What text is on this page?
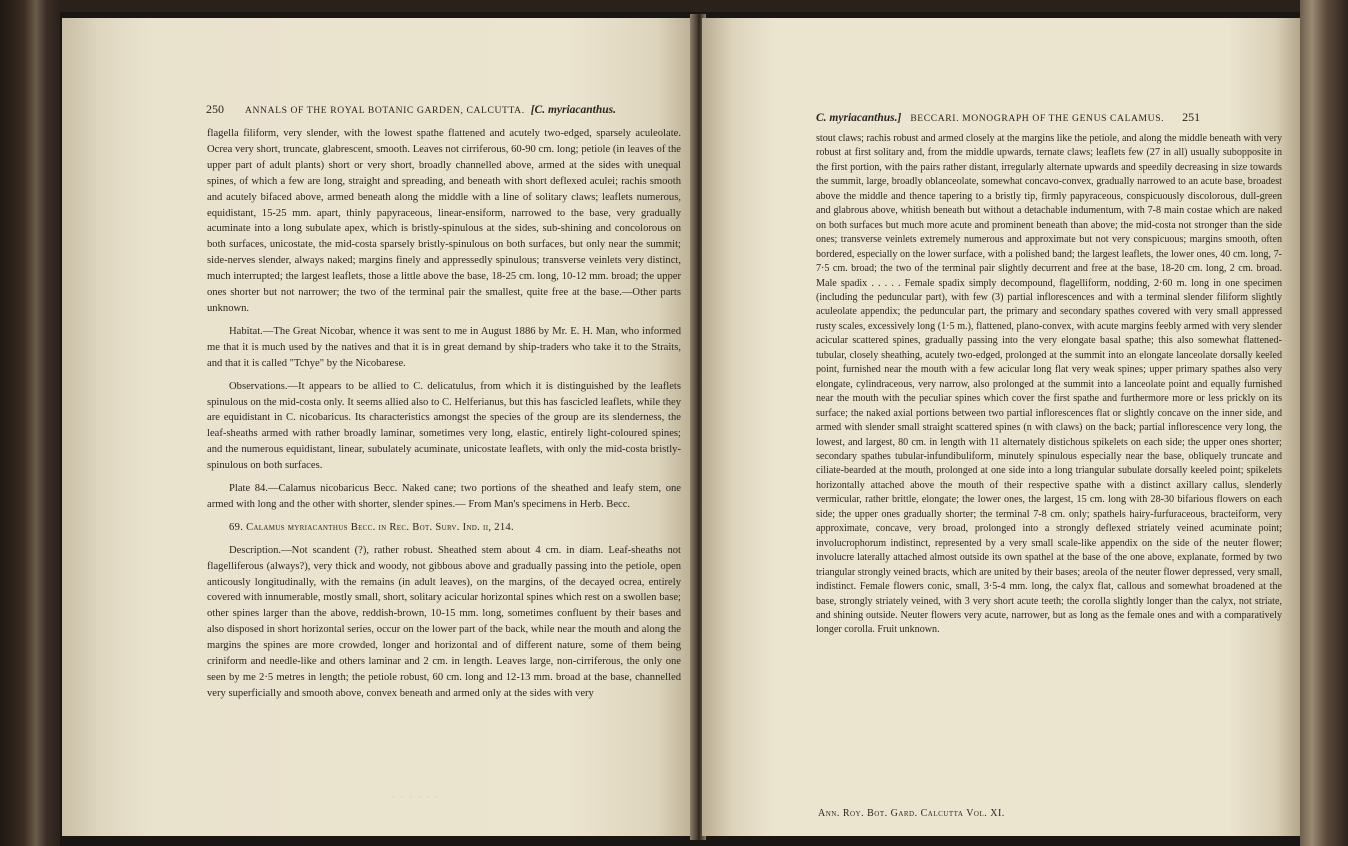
250 ANNALS OF THE ROYAL BOTANIC GARDEN, CALCUTTA. [C. myriacanthus.

flagella filiform, very slender, with the lowest spathe flattened and acutely two-edged, sparsely aculeolate. Ocrea very short, truncate, glabrescent, smooth. Leaves not cirriferous, 60-90 cm. long; petiole (in leaves of the upper part of adult plants) short or very short, broadly channelled above, armed at the sides with unequal spines, of which a few are long, straight and spreading, and beneath with short deflexed aculei; rachis smooth and acutely bifaced above, armed beneath along the middle with a line of solitary claws; leaflets numerous, equidistant, 15-25 mm. apart, thinly papyraceous, linear-ensiform, narrowed to the base, very gradually acuminate into a long subulate apex, which is bristly-spinulous at the sides, sub-shining and concolorous on both surfaces, unicostate, the mid-costa sparsely bristly-spinulous on both surfaces, but only near the summit; side-nerves slender, always naked; margins finely and appressedly spinulous; transverse veinlets very distinct, much interrupted; the largest leaflets, those a little above the base, 18-25 cm. long, 10-12 mm. broad; the upper ones shorter but not narrower; the two of the terminal pair the smallest, quite free at the base.—Other parts unknown.

Habitat.—The Great Nicobar, whence it was sent to me in August 1886 by Mr. E. H. Man, who informed me that it is much used by the natives and that it is in great demand by ship-traders who take it to the Straits, and that it is called "Tchye" by the Nicobarese.

Observations.—It appears to be allied to C. delicatulus, from which it is distinguished by the leaflets spinulous on the mid-costa only. It seems allied also to C. Helferianus, but this has fascicled leaflets, while they are equidistant in C. nicobaricus. Its characteristics amongst the species of the group are its slenderness, the leaf-sheaths armed with rather broadly laminar, sometimes very long, elastic, entirely light-coloured spines; and the numerous equidistant, linear, subulately acuminate, unicostate leaflets, with only the mid-costa bristly-spinulous on both surfaces.

Plate 84.—Calamus nicobaricus Becc. Naked cane; two portions of the sheathed and leafy stem, one armed with long and the other with shorter, slender spines.— From Man's specimens in Herb. Becc.

69. Calamus myriacanthus Becc. in Rec. Bot. Surv. Ind. ii, 214.

Description.—Not scandent (?), rather robust. Sheathed stem about 4 cm. in diam. Leaf-sheaths not flagelliferous (always?), very thick and woody, not gibbous above and gradually passing into the petiole, open anticously longitudinally, with the remains (in adult leaves), on the margins, of the decayed ocrea, entirely covered with innumerable, mostly small, short, solitary acicular horizontal spines which rest on a swollen base; other spines larger than the above, reddish-brown, 10-15 mm. long, sometimes confluent by their bases and also disposed in short horizontal series, occur on the lower part of the back, while near the mouth and along the margins the spines are more crowded, longer and horizontal and of different nature, some of them being criniform and needle-like and others laminar and 2 cm. in length. Leaves large, non-cirriferous, the only one seen by me 2·5 metres in length; the petiole robust, 60 cm. long and 12-13 mm. broad at the base, channelled very superficially and smooth above, convex beneath and armed only at the sides with very

· · · · · ·
C. myriacanthus.] BECCARI. MONOGRAPH OF THE GENUS CALAMUS. 251

stout claws; rachis robust and armed closely at the margins like the petiole, and along the middle beneath with very robust at first solitary and, from the middle upwards, ternate claws; leaflets few (27 in all) usually subopposite in the first portion, with the pairs rather distant, irregularly alternate upwards and speedily decreasing in size towards the summit, large, broadly oblanceolate, somewhat concavo-convex, gradually narrowed to an acute base, broadest above the middle and thence tapering to a bristly tip, firmly papyraceous, conspicuously discolorous, dull-green and glabrous above, whitish beneath but without a detachable indumentum, with 7-8 main costae which are naked on both surfaces but much more acute and prominent beneath than above; the mid-costa not stronger than the side ones; transverse veinlets extremely numerous and approximate but not very conspicuous; margins smooth, often bordered, especially on the lower surface, with a polished band; the largest leaflets, the lower ones, 40 cm. long, 7-7·5 cm. broad; the two of the terminal pair slightly decurrent and free at the base, 18-20 cm. long, 2 cm. broad. Male spadix . . . . . Female spadix simply decompound, flagelliform, nodding, 2·60 m. long in one specimen (including the peduncular part), with few (3) partial inflorescences and with a terminal slender filiform slightly aculeolate appendix; the peduncular part, the primary and secondary spathes covered with very small appressed rusty scales, excessively long (1·5 m.), flattened, plano-convex, with acute margins feebly armed with very slender acicular scattered spines, gradually passing into the very elongate basal spathe; this also somewhat flattened-tubular, closely sheathing, acutely two-edged, prolonged at the summit into an elongate lanceolate dorsally keeled point, furnished near the mouth with a few acicular long flat very weak spines; upper primary spathes also very elongate, cylindraceous, very narrow, also prolonged at the summit into a lanceolate point and equally furnished near the mouth with the peculiar spines which cover the first spathe and furthermore more or less prickly on its surface; the naked axial portions between two partial inflorescences flat or slightly concave on the inner side, and armed with slender small straight scattered spines (n with claws) on the back; partial inflorescence very long, the lowest, and largest, 80 cm. in length with 11 alternately distichous spikelets on each side; the upper ones shorter; secondary spathes tubular-infundibuliform, minutely spinulous especially near the base, obliquely truncate and ciliate-bearded at the mouth, prolonged at one side into a long triangular subulate dorsally keeled point; spikelets horizontally attached above the mouth of their respective spathe with a distinct axillary callus, slenderly vermicular, rather brittle, elongate; the lower ones, the largest, 15 cm. long with 28-30 bifarious flowers on each side; the upper ones gradually shorter; the terminal 7-8 cm. only; spathels hairy-furfuraceous, bracteiform, very approximate, concave, very broad, prolonged into a strongly deflexed striately veined acuminate point; involucrophorum indistinct, represented by a very small scale-like appendix on the side of the neuter flower; involucre laterally attached almost outside its own spathel at the base of the one above, explanate, formed by two triangular strongly veined bracts, which are united by their bases; areola of the neuter flower depressed, very small, indistinct. Female flowers conic, small, 3·5-4 mm. long, the calyx flat, callous and somewhat broadened at the base, strongly striately veined, with 3 very short acute teeth; the corolla slightly longer than the calyx, not striate, and shining outside. Neuter flowers very acute, narrower, but as long as the female ones and with a comparatively longer corolla. Fruit unknown.

Ann. Roy. Bot. Gard. Calcutta Vol. XI.
